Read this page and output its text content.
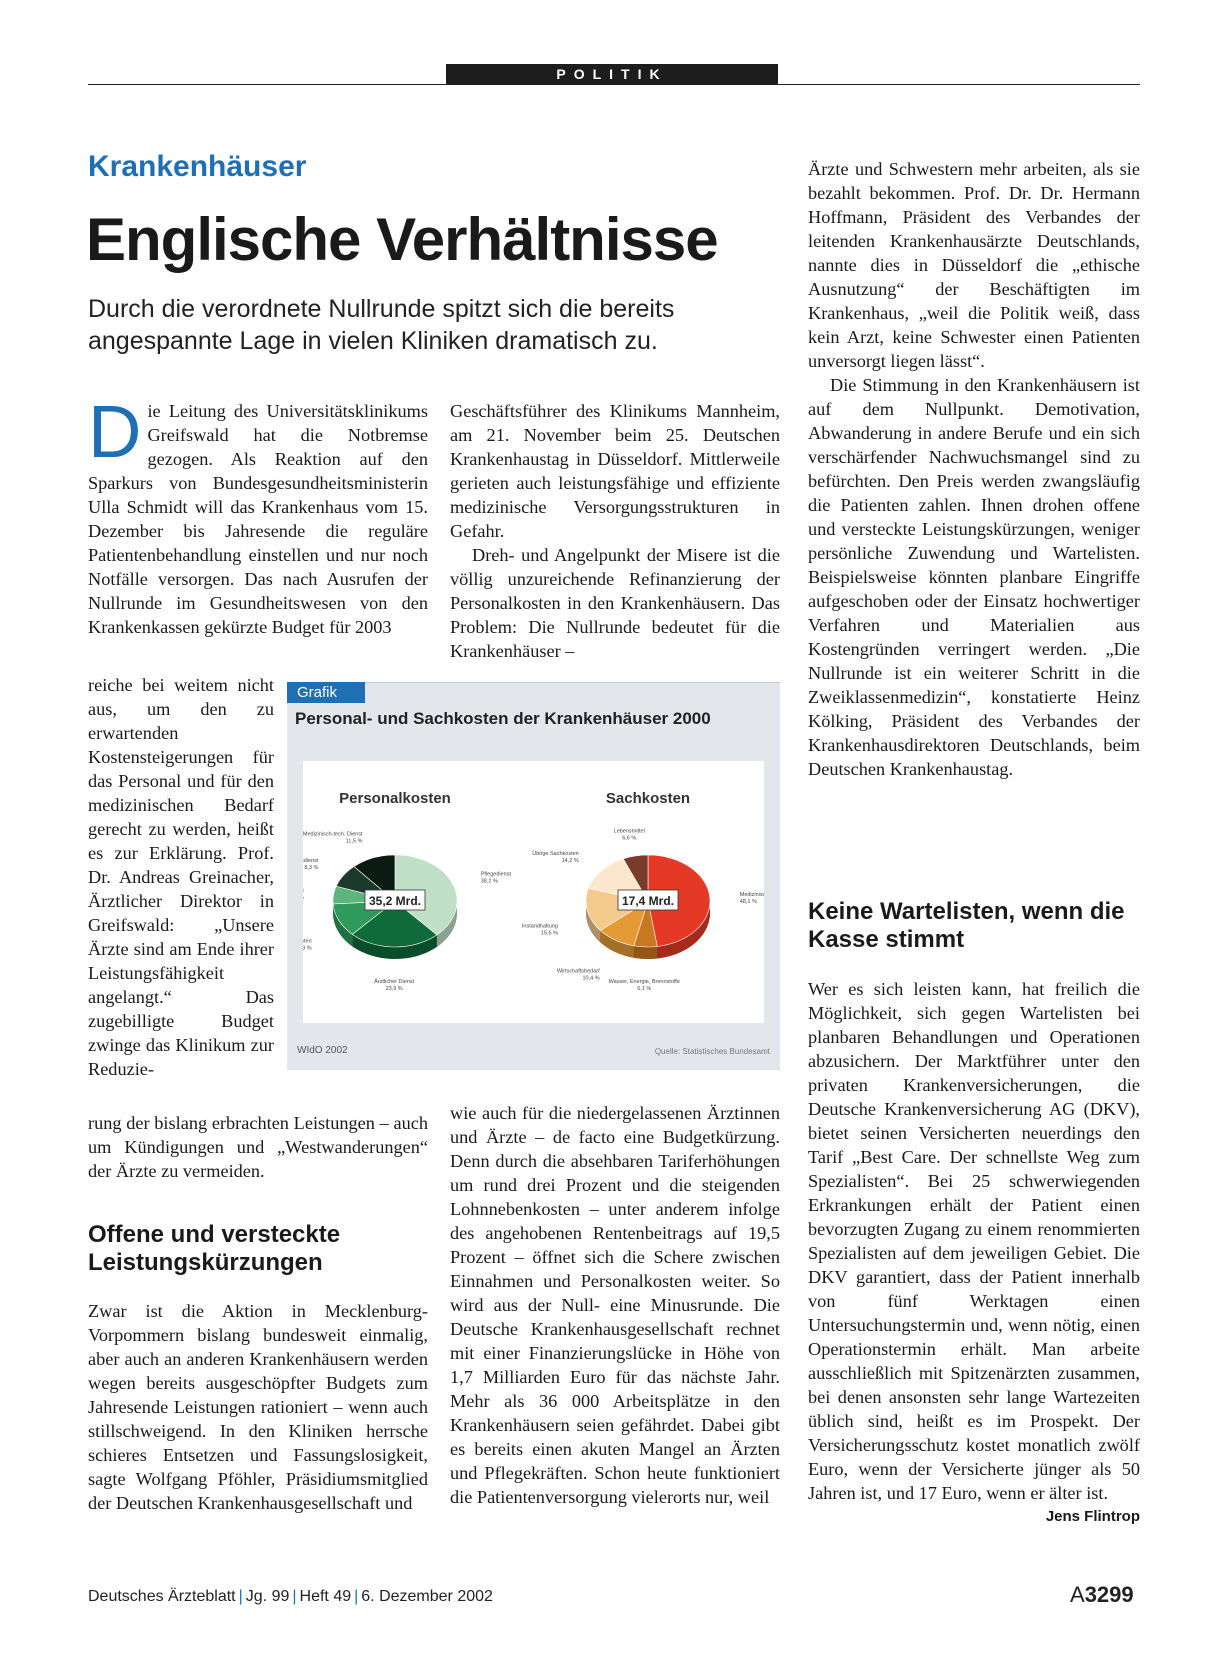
POLITIK
Krankenhäuser
Englische Verhältnisse
Durch die verordnete Nullrunde spitzt sich die bereits angespannte Lage in vielen Kliniken dramatisch zu.

Die Leitung des Universitätsklinikums Greifswald hat die Notbremse gezogen. Als Reaktion auf den Sparkurs von Bundesgesundheitsministerin Ulla Schmidt will das Krankenhaus vom 15. Dezember bis Jahresende die reguläre Patientenbehandlung einstellen und nur noch Notfälle versorgen. Das nach Ausrufen der Nullrunde im Gesundheitswesen von den Krankenkassen gekürzte Budget für 2003

reiche bei weitem nicht aus, um den zu erwartenden Kostensteigerungen für das Personal und für den medizinischen Bedarf gerecht zu werden, heißt es zur Erklärung. Prof. Dr. Andreas Greinacher, Ärztlicher Direktor in Greifswald: „Unsere Ärzte sind am Ende ihrer Leistungsfähigkeit angelangt.“ Das zugebilligte Budget zwinge das Klinikum zur Reduzie-

rung der bislang erbrachten Leistungen – auch um Kündigungen und „Westwanderungen“ der Ärzte zu vermeiden.

Offene und versteckte Leistungskürzungen

Zwar ist die Aktion in Mecklenburg-Vorpommern bislang bundesweit einmalig, aber auch an anderen Krankenhäusern werden wegen bereits ausgeschöpfter Budgets zum Jahresende Leistungen rationiert – wenn auch stillschweigend. In den Kliniken herrsche schieres Entsetzen und Fassungslosigkeit, sagte Wolfgang Pföhler, Präsidiumsmitglied der Deutschen Krankenhausgesellschaft und

Geschäftsführer des Klinikums Mannheim, am 21. November beim 25. Deutschen Krankenhaustag in Düsseldorf. Mittlerweile gerieten auch leistungsfähige und effiziente medizinische Versorgungsstrukturen in Gefahr.

Dreh- und Angelpunkt der Misere ist die völlig unzureichende Refinanzierung der Personalkosten in den Krankenhäusern. Das Problem: Die Nullrunde bedeutet für die Krankenhäuser –

wie auch für die niedergelassenen Ärztinnen und Ärzte – de facto eine Budgetkürzung. Denn durch die absehbaren Tariferhöhungen um rund drei Prozent und die steigenden Lohnnebenkosten – unter anderem infolge des angehobenen Rentenbeitrags auf 19,5 Prozent – öffnet sich die Schere zwischen Einnahmen und Personalkosten weiter. So wird aus der Null- eine Minusrunde. Die Deutsche Krankenhausgesellschaft rechnet mit einer Finanzierungslücke in Höhe von 1,7 Milliarden Euro für das nächste Jahr. Mehr als 36 000 Arbeitsplätze in den Krankenhäusern seien gefährdet. Dabei gibt es bereits einen akuten Mangel an Ärzten und Pflegekräften. Schon heute funktioniert die Patientenversorgung vielerorts nur, weil

Ärzte und Schwestern mehr arbeiten, als sie bezahlt bekommen. Prof. Dr. Dr. Hermann Hoffmann, Präsident des Verbandes der leitenden Krankenhausärzte Deutschlands, nannte dies in Düsseldorf die „ethische Ausnutzung“ der Beschäftigten im Krankenhaus, „weil die Politik weiß, dass kein Arzt, keine Schwester einen Patienten unversorgt liegen lässt“.

Die Stimmung in den Krankenhäusern ist auf dem Nullpunkt. Demotivation, Abwanderung in andere Berufe und ein sich verschärfender Nachwuchsmangel sind zu befürchten. Den Preis werden zwangsläufig die Patienten zahlen. Ihnen drohen offene und versteckte Leistungskürzungen, weniger persönliche Zuwendung und Wartelisten. Beispielsweise könnten planbare Eingriffe aufgeschoben oder der Einsatz hochwertiger Verfahren und Materialien aus Kostengründen verringert werden. „Die Nullrunde ist ein weiterer Schritt in die Zweiklassenmedizin“, konstatierte Heinz Kölking, Präsident des Verbandes der Krankenhausdirektoren Deutschlands, beim Deutschen Krankenhaustag.

Keine Wartelisten, wenn die Kasse stimmt

Wer es sich leisten kann, hat freilich die Möglichkeit, sich gegen Wartelisten bei planbaren Behandlungen und Operationen abzusichern. Der Marktführer unter den privaten Krankenversicherungen, die Deutsche Krankenversicherung AG (DKV), bietet seinen Versicherten neuerdings den Tarif „Best Care. Der schnellste Weg zum Spezialisten“. Bei 25 schwerwiegenden Erkrankungen erhält der Patient einen bevorzugten Zugang zu einem renommierten Spezialisten auf dem jeweiligen Gebiet. Die DKV garantiert, dass der Patient innerhalb von fünf Werktagen einen Untersuchungstermin und, wenn nötig, einen Operationstermin erhält. Man arbeite ausschließlich mit Spitzenärzten zusammen, bei denen ansonsten sehr lange Wartezeiten üblich sind, heißt es im Prospekt. Der Versicherungsschutz kostet monatlich zwölf Euro, wenn der Versicherte jünger als 50 Jahren ist, und 17 Euro, wenn er älter ist.
Jens Flintrop

Personal- und Sachkosten der Krankenhäuser 2000
Personalkosten	Sachkosten
Pflegedienst
38,2 %
Ärztlicher Dienst
23,9 %
ten
9 %
dienst
8,3 %
Medizinisch-tech. Dienst
11,5 %
35,2 Mrd.	Medizinis
48,1 %
Wasser, Energie, Brennstoffe
6,1 %
Wirtschaftsbedarf
10,4 %
Instandhaltung
15,6 %
Übrige Sachkosten
14,2 %
Lebensmittel
6,6 %
17,4 Mrd.
WIdO 2002	Quelle: Statistisches Bundesamt
Grafik
Deutsches Ärzteblatt | Jg. 99 | Heft 49 | 6. Dezember 2002	A3299
